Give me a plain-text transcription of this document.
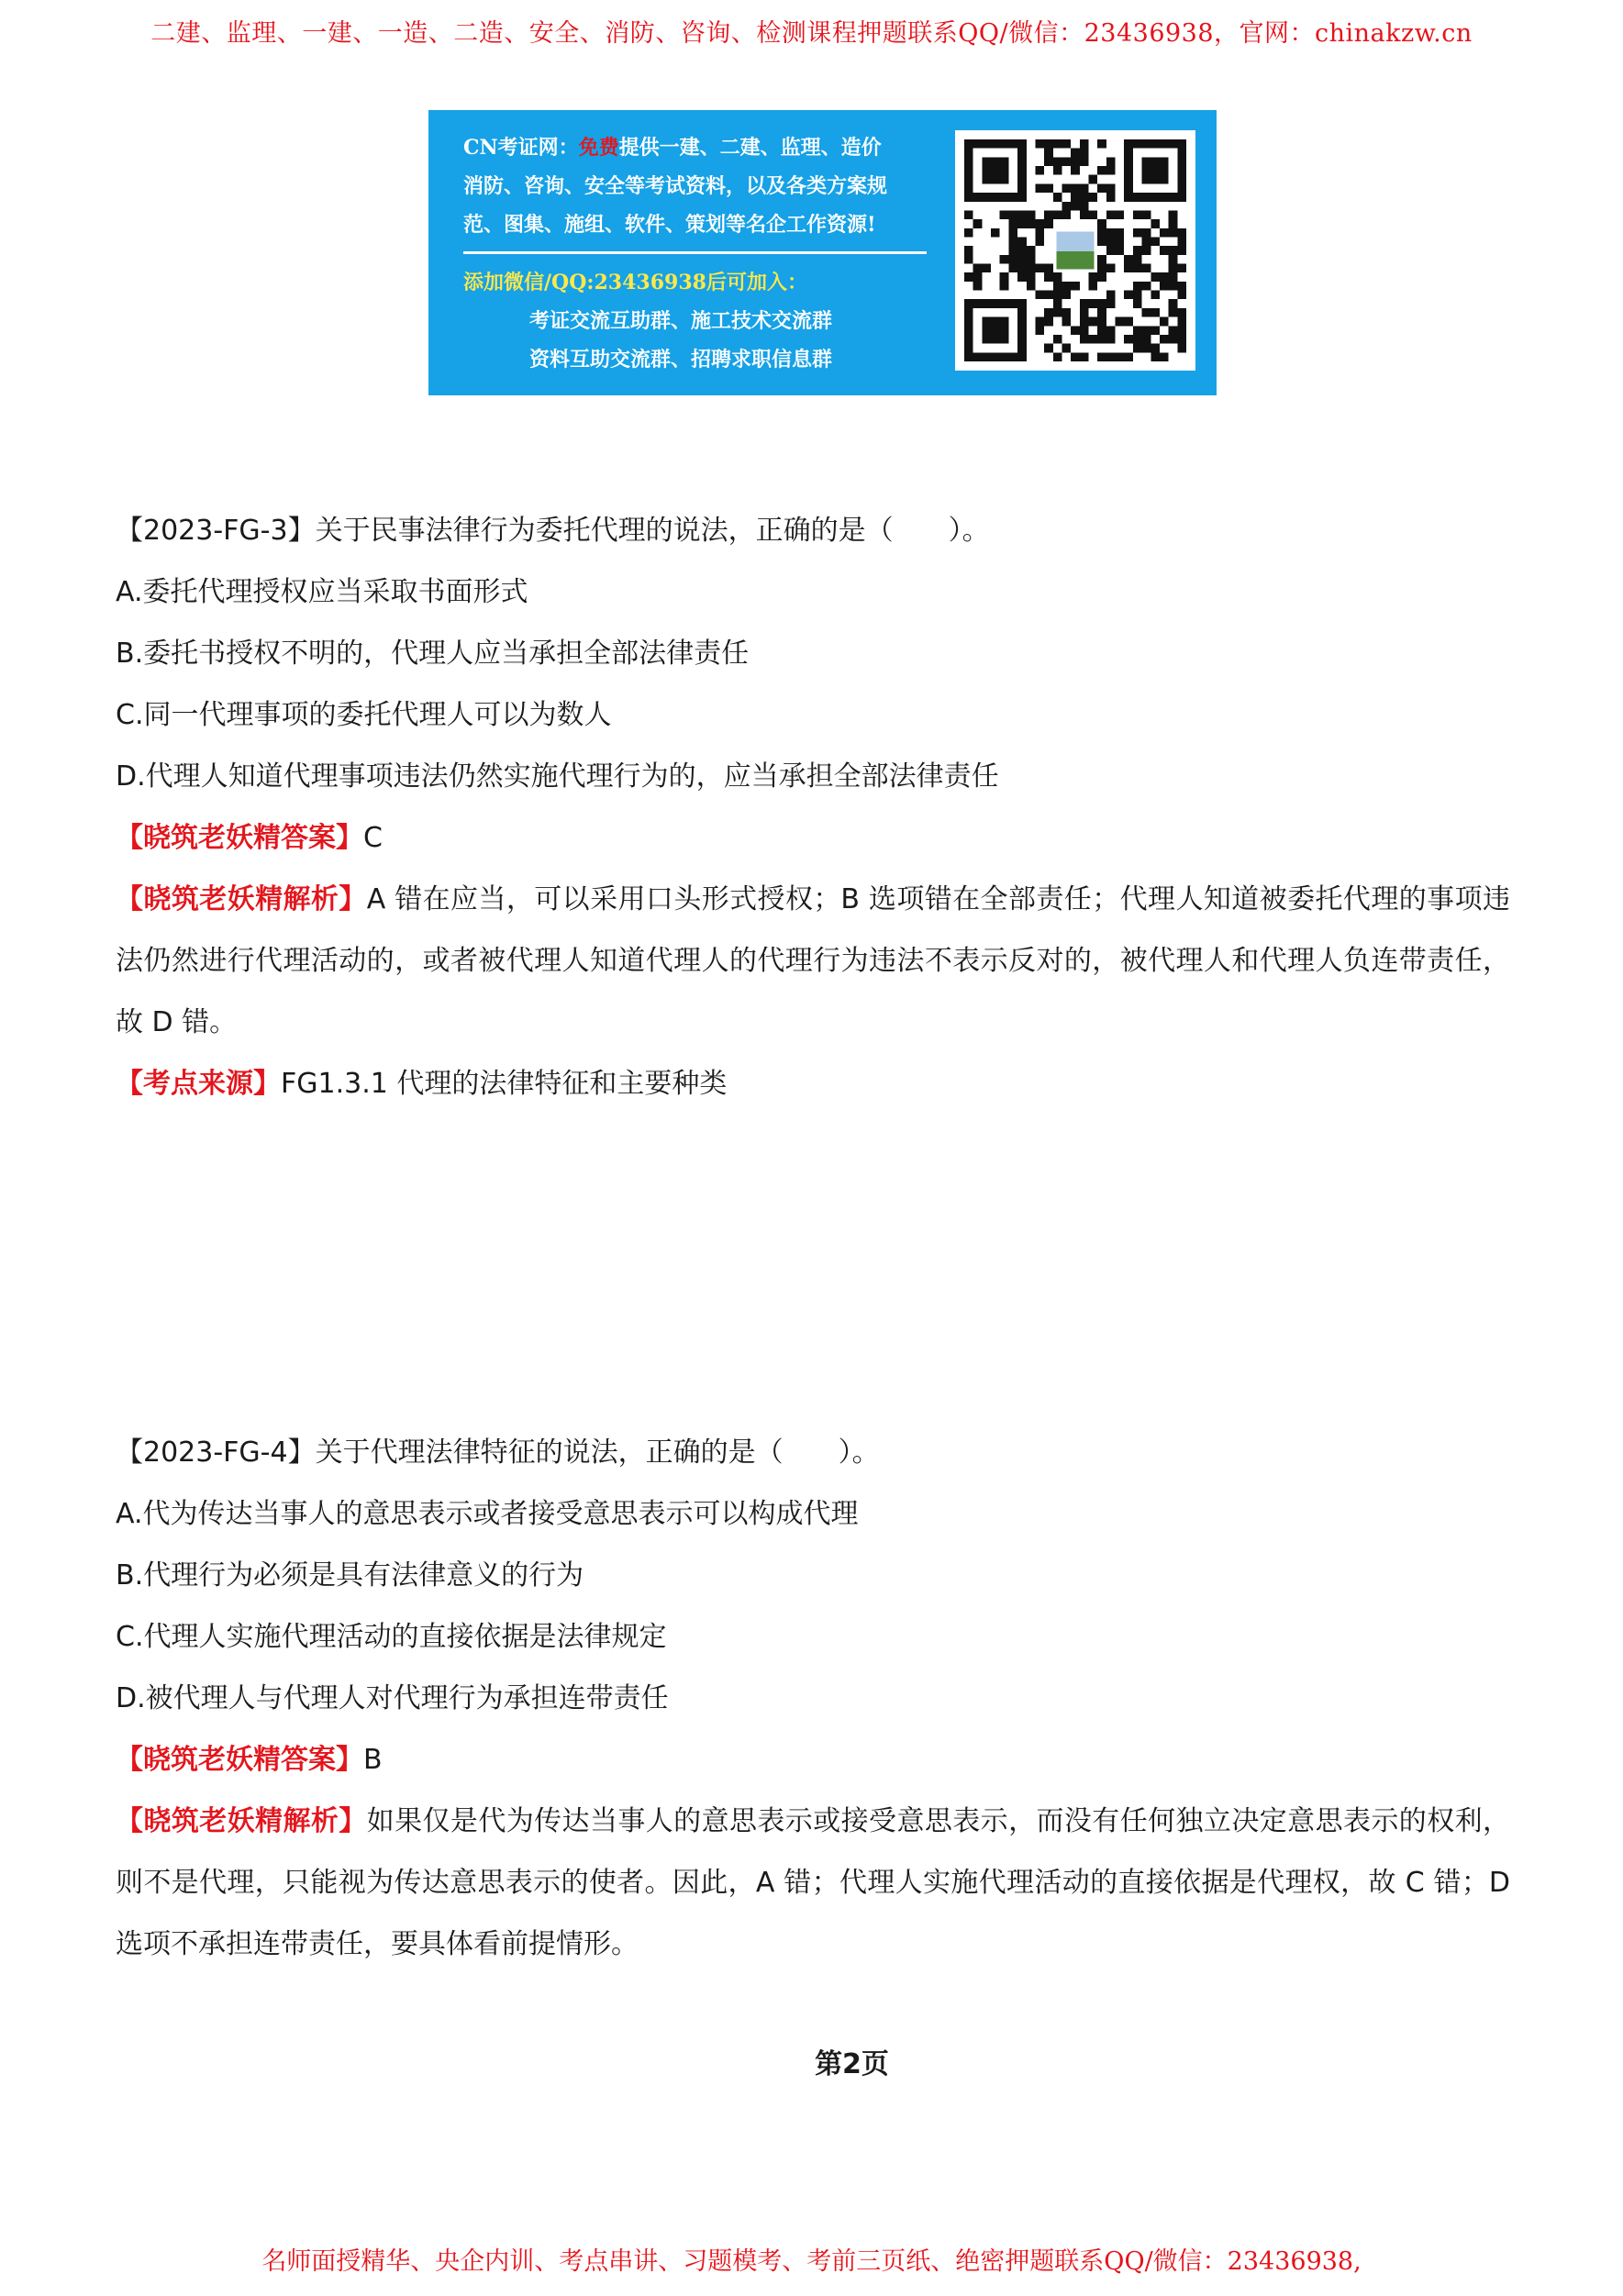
二建、监理、一建、一造、二造、安全、消防、咨询、检测课程押题联系QQ/微信：23436938，官网：chinakzw.cn
CN考证网：免费提供一建、二建、监理、造价
消防、咨询、安全等考试资料，以及各类方案规
范、图集、施组、软件、策划等名企工作资源!
添加微信/QQ:23436938后可加入：
考证交流互助群、施工技术交流群
资料互助交流群、招聘求职信息群
【2023-FG-3】关于民事法律行为委托代理的说法，正确的是（　　）。
A.委托代理授权应当采取书面形式
B.委托书授权不明的，代理人应当承担全部法律责任
C.同一代理事项的委托代理人可以为数人
D.代理人知道代理事项违法仍然实施代理行为的，应当承担全部法律责任
【晓筑老妖精答案】C
【晓筑老妖精解析】A 错在应当，可以采用口头形式授权；B 选项错在全部责任；代理人知道被委托代理的事项违法仍然进行代理活动的，或者被代理人知道代理人的代理行为违法不表示反对的，被代理人和代理人负连带责任，故 D 错。
【考点来源】FG1.3.1 代理的法律特征和主要种类
【2023-FG-4】关于代理法律特征的说法，正确的是（　　）。
A.代为传达当事人的意思表示或者接受意思表示可以构成代理
B.代理行为必须是具有法律意义的行为
C.代理人实施代理活动的直接依据是法律规定
D.被代理人与代理人对代理行为承担连带责任
【晓筑老妖精答案】B
【晓筑老妖精解析】如果仅是代为传达当事人的意思表示或接受意思表示，而没有任何独立决定意思表示的权利，则不是代理，只能视为传达意思表示的使者。因此，A 错；代理人实施代理活动的直接依据是代理权，故 C 错；D 选项不承担连带责任，要具体看前提情形。
第2页
名师面授精华、央企内训、考点串讲、习题模考、考前三页纸、绝密押题联系QQ/微信：23436938,
